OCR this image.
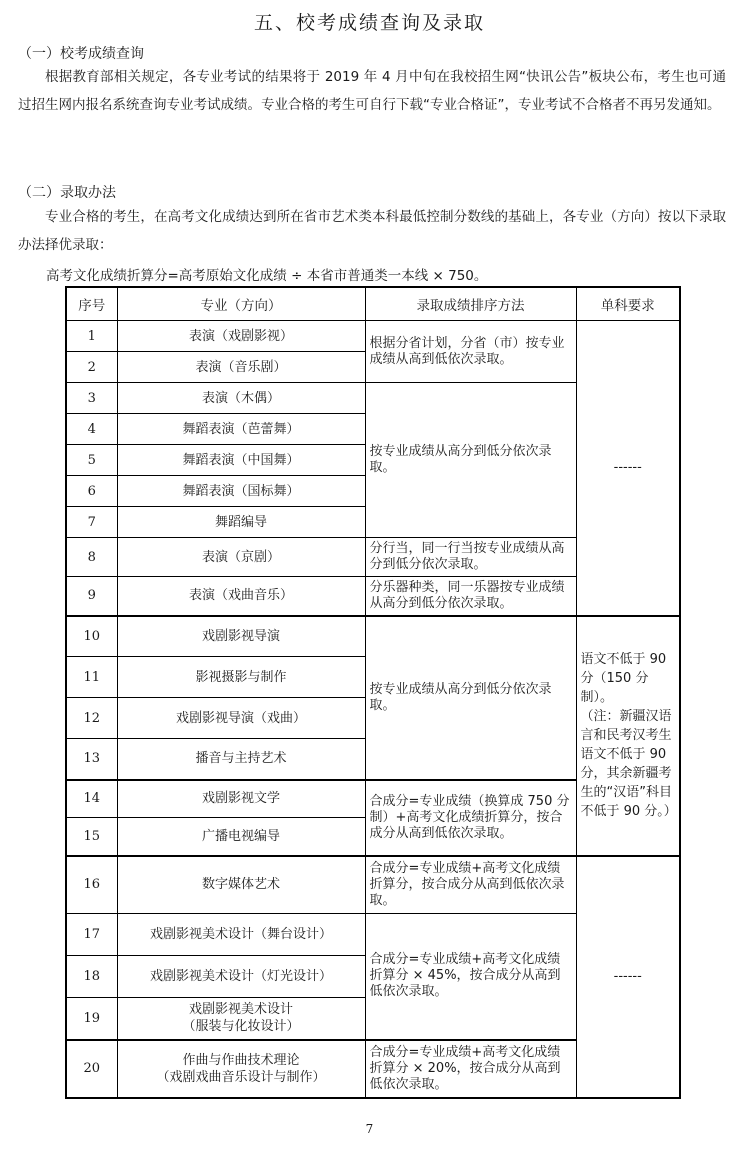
五、校考成绩查询及录取
（一）校考成绩查询
根据教育部相关规定，各专业考试的结果将于 2019 年 4 月中旬在我校招生网“快讯公告”板块公布，考生也可通过招生网内报名系统查询专业考试成绩。专业合格的考生可自行下载“专业合格证”，专业考试不合格者不再另发通知。
（二）录取办法
专业合格的考生，在高考文化成绩达到所在省市艺术类本科最低控制分数线的基础上，各专业（方向）按以下录取办法择优录取：
高考文化成绩折算分=高考原始文化成绩 ÷ 本省市普通类一本线 × 750。
序号	专业（方向）	录取成绩排序方法	单科要求
1	表演（戏剧影视）	根据分省计划，分省（市）按专业成绩从高到低依次录取。	------
2	表演（音乐剧）		
3	表演（木偶）	按专业成绩从高分到低分依次录取。	
4	舞蹈表演（芭蕾舞）		
5	舞蹈表演（中国舞）		
6	舞蹈表演（国标舞）		
7	舞蹈编导		
8	表演（京剧）	分行当，同一行当按专业成绩从高分到低分依次录取。	
9	表演（戏曲音乐）	分乐器种类，同一乐器按专业成绩从高分到低分依次录取。	
10	戏剧影视导演	按专业成绩从高分到低分依次录取。	语文不低于 90 分（150 分制）。
（注：新疆汉语言和民考汉考生语文不低于 90 分，其余新疆考生的“汉语”科目不低于 90 分。）
11	影视摄影与制作		
12	戏剧影视导演（戏曲）		
13	播音与主持艺术		
14	戏剧影视文学	合成分=专业成绩（换算成 750 分制）+高考文化成绩折算分，按合成分从高到低依次录取。	
15	广播电视编导		
16	数字媒体艺术	合成分=专业成绩+高考文化成绩折算分，按合成分从高到低依次录取。	------
17	戏剧影视美术设计（舞台设计）	合成分=专业成绩+高考文化成绩折算分 × 45%，按合成分从高到低依次录取。	
18	戏剧影视美术设计（灯光设计）		
19	戏剧影视美术设计
（服装与化妆设计）		
20	作曲与作曲技术理论
（戏剧戏曲音乐设计与制作）	合成分=专业成绩+高考文化成绩折算分 × 20%，按合成分从高到低依次录取。	
7
